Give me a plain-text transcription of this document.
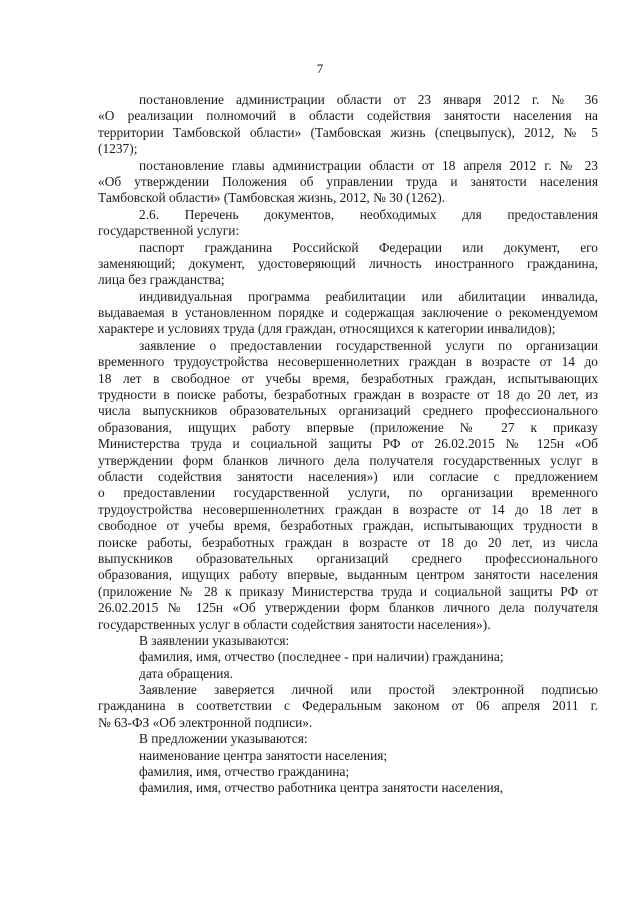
7
постановление администрации области от 23 января 2012 г. № 36
«О реализации полномочий в области содействия занятости населения на
территории Тамбовской области» (Тамбовская жизнь (спецвыпуск), 2012, № 5
(1237);
постановление главы администрации области от 18 апреля 2012 г. № 23
«Об утверждении Положения об управлении труда и занятости населения
Тамбовской области» (Тамбовская жизнь, 2012, № 30 (1262).
2.6. Перечень документов, необходимых для предоставления
государственной услуги:
паспорт гражданина Российской Федерации или документ, его
заменяющий; документ, удостоверяющий личность иностранного гражданина,
лица без гражданства;
индивидуальная программа реабилитации или абилитации инвалида,
выдаваемая в установленном порядке и содержащая заключение о рекомендуемом
характере и условиях труда (для граждан, относящихся к категории инвалидов);
заявление о предоставлении государственной услуги по организации
временного трудоустройства несовершеннолетних граждан в возрасте от 14 до
18 лет в свободное от учебы время, безработных граждан, испытывающих
трудности в поиске работы, безработных граждан в возрасте от 18 до 20 лет, из
числа выпускников образовательных организаций среднего профессионального
образования, ищущих работу впервые (приложение № 27 к приказу
Министерства труда и социальной защиты РФ от 26.02.2015 № 125н «Об
утверждении форм бланков личного дела получателя государственных услуг в
области содействия занятости населения») или согласие с предложением
о предоставлении государственной услуги, по организации временного
трудоустройства несовершеннолетних граждан в возрасте от 14 до 18 лет в
свободное от учебы время, безработных граждан, испытывающих трудности в
поиске работы, безработных граждан в возрасте от 18 до 20 лет, из числа
выпускников образовательных организаций среднего профессионального
образования, ищущих работу впервые, выданным центром занятости населения
(приложение № 28 к приказу Министерства труда и социальной защиты РФ от
26.02.2015 № 125н «Об утверждении форм бланков личного дела получателя
государственных услуг в области содействия занятости населения»).
В заявлении указываются:
фамилия, имя, отчество (последнее - при наличии) гражданина;
дата обращения.
Заявление заверяется личной или простой электронной подписью
гражданина в соответствии с Федеральным законом от 06 апреля 2011 г.
№ 63-ФЗ «Об электронной подписи».
В предложении указываются:
наименование центра занятости населения;
фамилия, имя, отчество гражданина;
фамилия, имя, отчество работника центра занятости населения,
